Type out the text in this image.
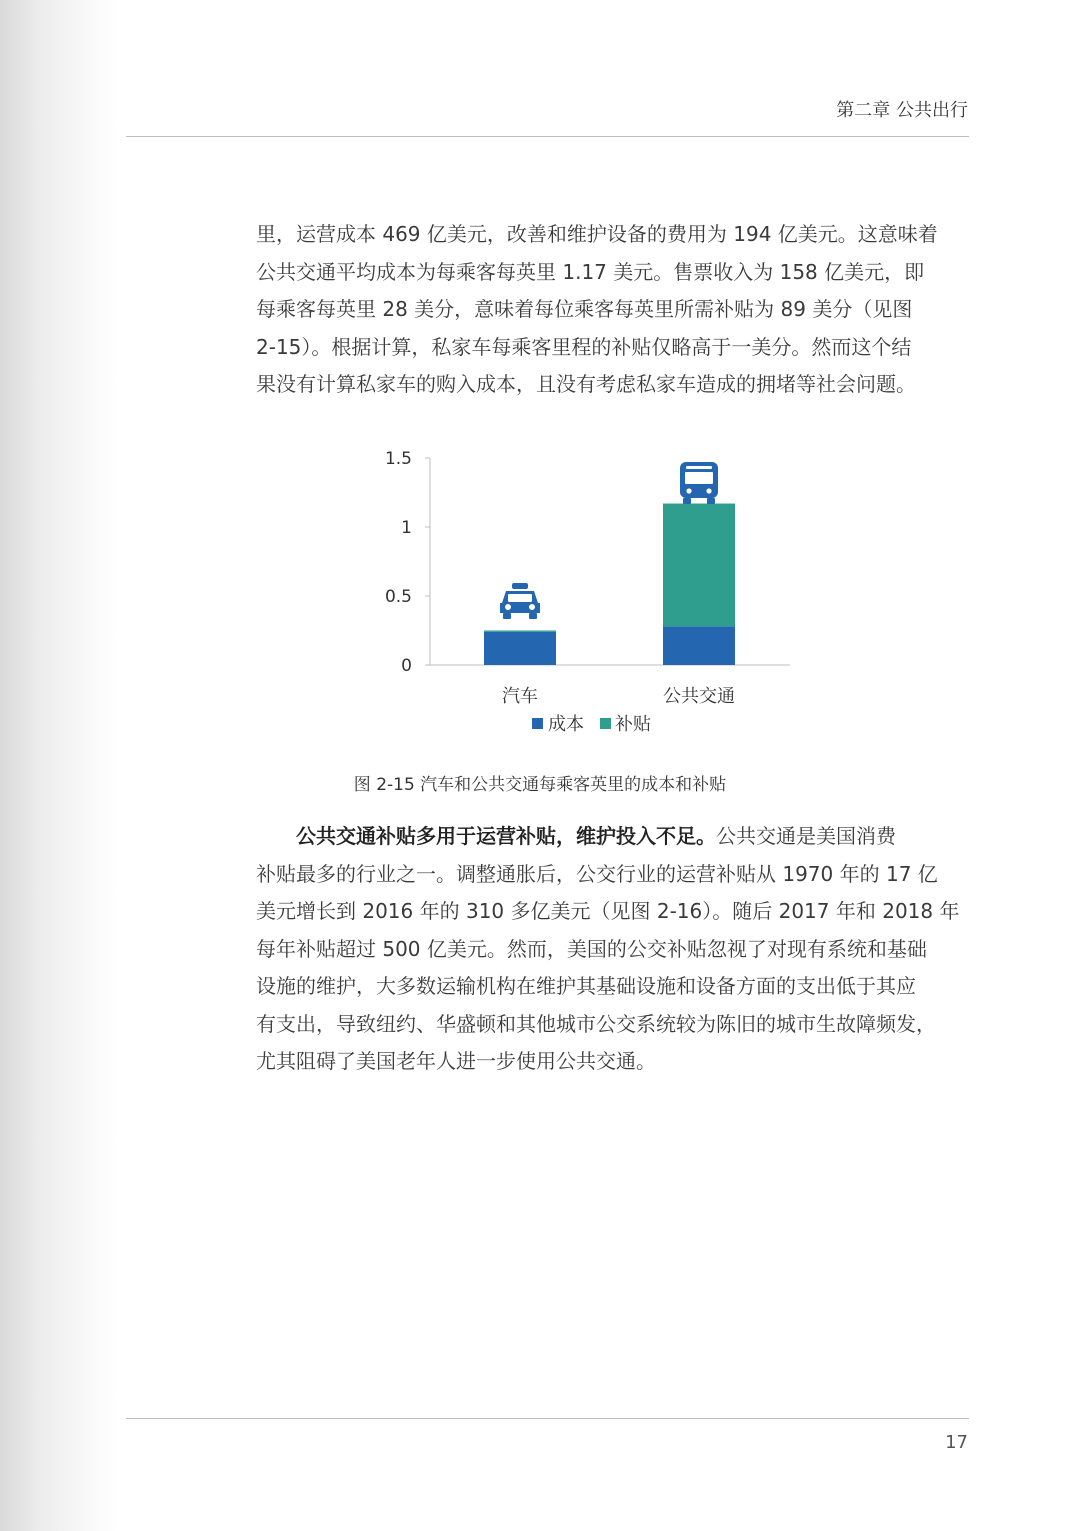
第二章 公共出行
里，运营成本 469 亿美元，改善和维护设备的费用为 194 亿美元。这意味着
公共交通平均成本为每乘客每英里 1.17 美元。售票收入为 158 亿美元，即
每乘客每英里 28 美分，意味着每位乘客每英里所需补贴为 89 美分（见图
2-15）。根据计算，私家车每乘客里程的补贴仅略高于一美分。然而这个结
果没有计算私家车的购入成本，且没有考虑私家车造成的拥堵等社会问题。
0
0.5
1
1.5
汽车	公共交通
成本 补贴
图 2-15 汽车和公共交通每乘客英里的成本和补贴
　　公共交通补贴多用于运营补贴，维护投入不足。公共交通是美国消费
补贴最多的行业之一。调整通胀后，公交行业的运营补贴从 1970 年的 17 亿
美元增长到 2016 年的 310 多亿美元（见图 2-16）。随后 2017 年和 2018 年
每年补贴超过 500 亿美元。然而，美国的公交补贴忽视了对现有系统和基础
设施的维护，大多数运输机构在维护其基础设施和设备方面的支出低于其应
有支出，导致纽约、华盛顿和其他城市公交系统较为陈旧的城市生故障频发，
尤其阻碍了美国老年人进一步使用公共交通。
17
